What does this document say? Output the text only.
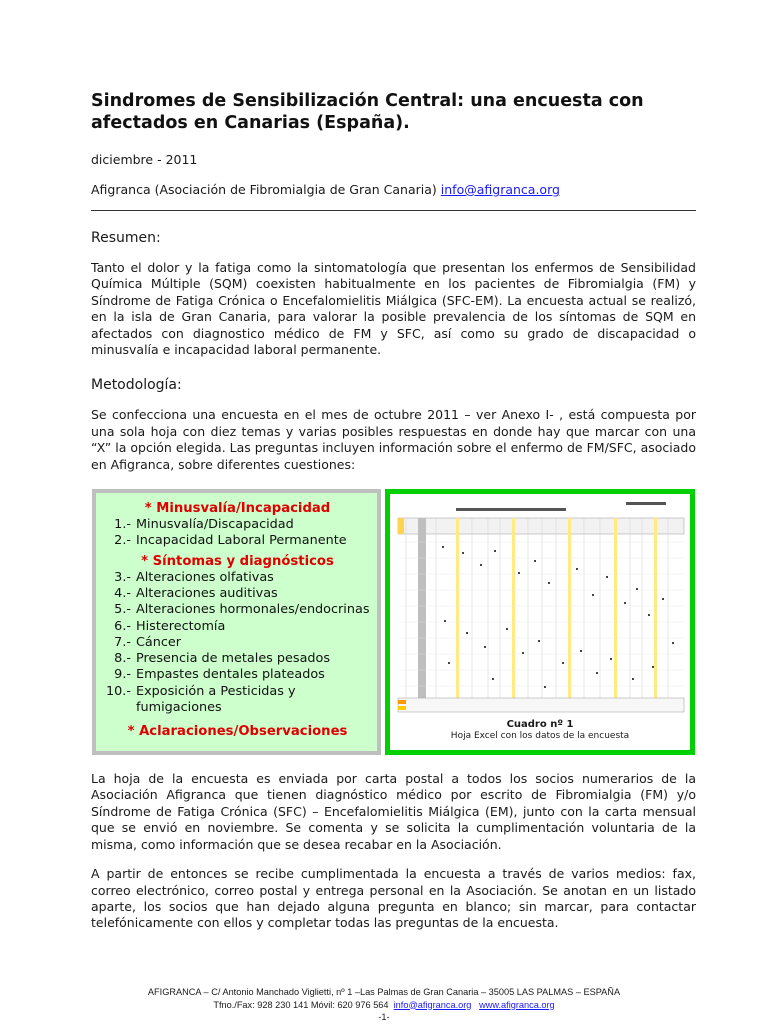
Sindromes de Sensibilización Central: una encuesta con afectados en Canarias (España).

diciembre - 2011

Afigranca (Asociación de Fibromialgia de Gran Canaria) info@afigranca.org

Resumen:

Tanto el dolor y la fatiga como la sintomatología que presentan los enfermos de Sensibilidad Química Múltiple (SQM) coexisten habitualmente en los pacientes de Fibromialgia (FM) y Síndrome de Fatiga Crónica o Encefalomielitis Miálgica (SFC-EM). La encuesta actual se realizó, en la isla de Gran Canaria, para valorar la posible prevalencia de los síntomas de SQM en afectados con diagnostico médico de FM y SFC, así como su grado de discapacidad o minusvalía e incapacidad laboral permanente.

Metodología:

Se confecciona una encuesta en el mes de octubre 2011 – ver Anexo I- , está compuesta por una sola hoja con diez temas y varias posibles respuestas en donde hay que marcar con una “X” la opción elegida. Las preguntas incluyen información sobre el enfermo de FM/SFC, asociado en Afigranca, sobre diferentes cuestiones:

* Minusvalía/Incapacidad
1.- Minusvalía/Discapacidad
2.- Incapacidad Laboral Permanente
* Síntomas y diagnósticos
3.- Alteraciones olfativas
4.- Alteraciones auditivas
5.- Alteraciones hormonales/endocrinas
6.- Histerectomía
7.- Cáncer
8.- Presencia de metales pesados
9.- Empastes dentales plateados
10.- Exposición a Pesticidas y fumigaciones
* Aclaraciones/Observaciones	Cuadro nº 1
Hoja Excel con los datos de la encuesta

La hoja de la encuesta es enviada por carta postal a todos los socios numerarios de la Asociación Afigranca que tienen diagnóstico médico por escrito de Fibromialgia (FM) y/o Síndrome de Fatiga Crónica (SFC) – Encefalomielitis Miálgica (EM), junto con la carta mensual que se envió en noviembre. Se comenta y se solicita la cumplimentación voluntaria de la misma, como información que se desea recabar en la Asociación.

A partir de entonces se recibe cumplimentada la encuesta a través de varios medios: fax, correo electrónico, correo postal y entrega personal en la Asociación. Se anotan en un listado aparte, los socios que han dejado alguna pregunta en blanco; sin marcar, para contactar telefónicamente con ellos y completar todas las preguntas de la encuesta.

AFIGRANCA – C/ Antonio Manchado Viglietti, nº 1 –Las Palmas de Gran Canaria – 35005 LAS PALMAS – ESPAÑA
Tfno./Fax: 928 230 141 Móvil: 620 976 564 info@afigranca.org www.afigranca.org
-1-
